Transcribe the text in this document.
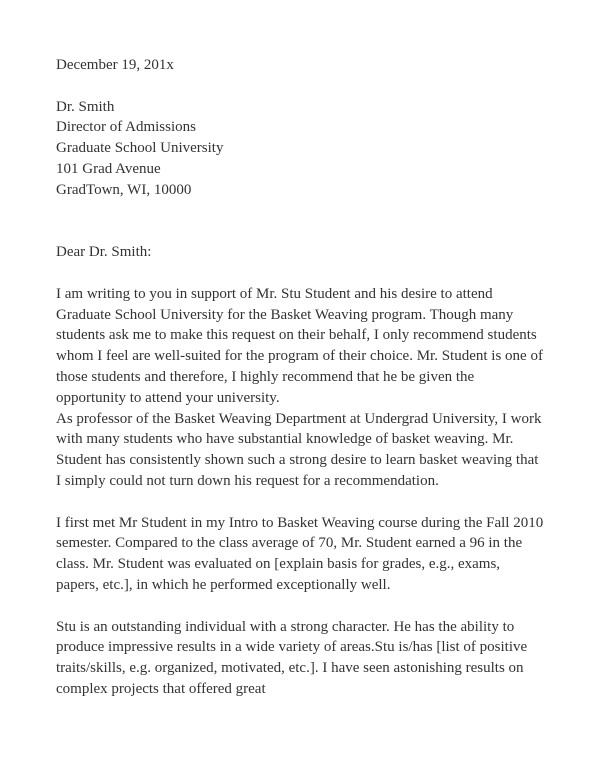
December 19, 201x
Dr. Smith
Director of Admissions
Graduate School University
101 Grad Avenue
GradTown, WI, 10000
Dear Dr. Smith:
I am writing to you in support of Mr. Stu Student and his desire to attend Graduate School University for the Basket Weaving program. Though many students ask me to make this request on their behalf, I only recommend students whom I feel are well-suited for the program of their choice. Mr. Student is one of those students and therefore, I highly recommend that he be given the opportunity to attend your university.
As professor of the Basket Weaving Department at Undergrad University, I work with many students who have substantial knowledge of basket weaving. Mr. Student has consistently shown such a strong desire to learn basket weaving that I simply could not turn down his request for a recommendation.
I first met Mr Student in my Intro to Basket Weaving course during the Fall 2010 semester. Compared to the class average of 70, Mr. Student earned a 96 in the class. Mr. Student was evaluated on [explain basis for grades, e.g., exams, papers, etc.], in which he performed exceptionally well.
Stu is an outstanding individual with a strong character. He has the ability to produce impressive results in a wide variety of areas.Stu is/has [list of positive traits/skills, e.g. organized, motivated, etc.]. I have seen astonishing results on complex projects that offered great
